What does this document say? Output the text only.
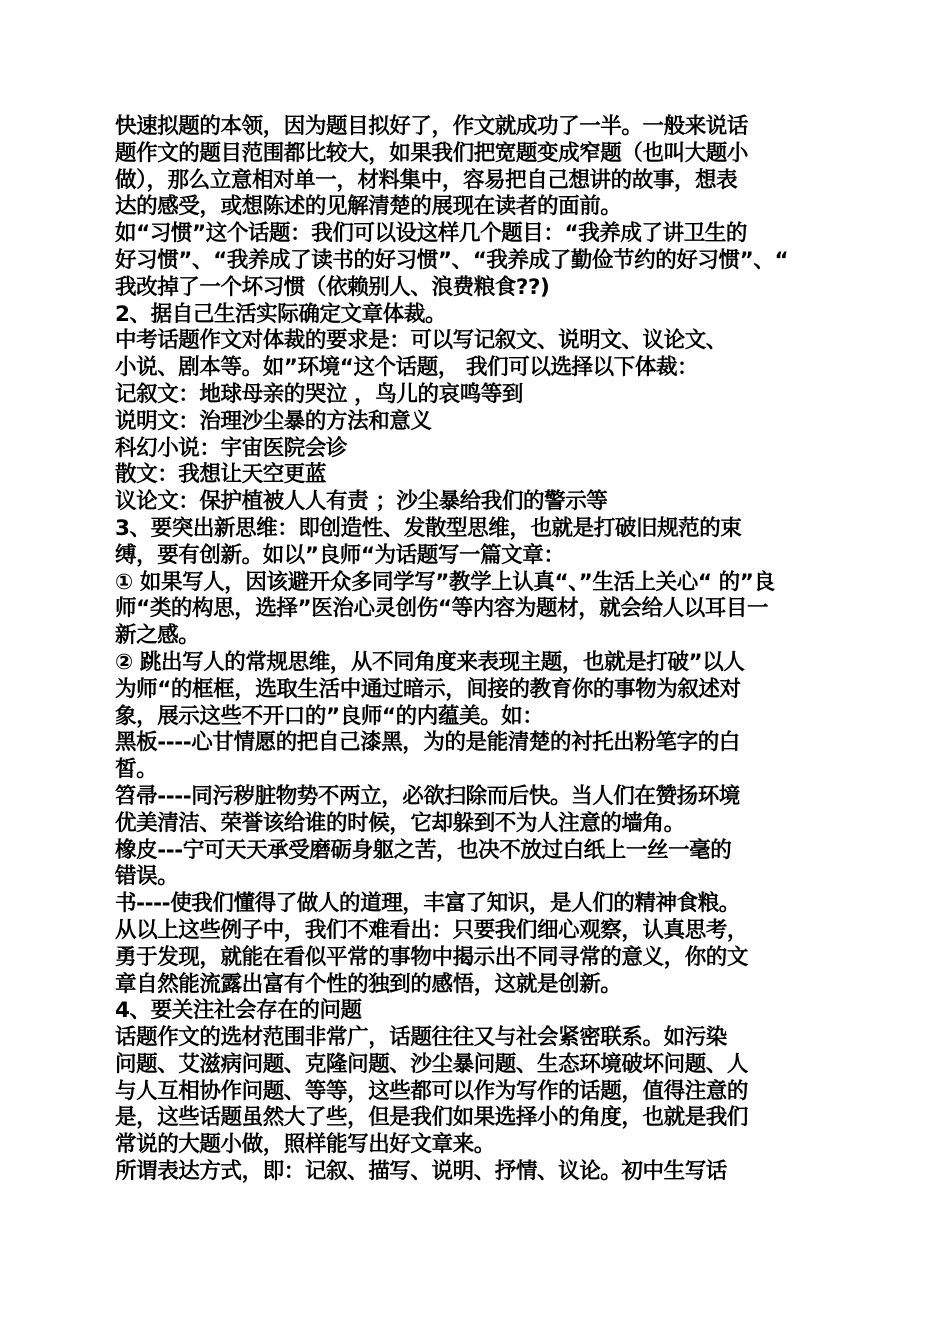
快速拟题的本领，因为题目拟好了，作文就成功了一半。一般来说话
题作文的题目范围都比较大，如果我们把宽题变成窄题（也叫大题小
做），那么立意相对单一，材料集中，容易把自己想讲的故事，想表
达的感受，或想陈述的见解清楚的展现在读者的面前。
如“习惯”这个话题：我们可以设这样几个题目：“我养成了讲卫生的
好习惯”、“我养成了读书的好习惯”、“我养成了勤俭节约的好习惯”、“
我改掉了一个坏习惯（依赖别人、浪费粮食??)
2、据自己生活实际确定文章体裁。
中考话题作文对体裁的要求是：可以写记叙文、说明文、议论文、
小说、剧本等。如”环境“这个话题， 我们可以选择以下体裁：
记叙文：地球母亲的哭泣 ，鸟儿的哀鸣等到
说明文：治理沙尘暴的方法和意义
科幻小说：宇宙医院会诊
散文：我想让天空更蓝
议论文：保护植被人人有责 ；沙尘暴给我们的警示等
3、要突出新思维：即创造性、发散型思维，也就是打破旧规范的束
缚，要有创新。如以”良师“为话题写一篇文章：
① 如果写人，因该避开众多同学写”教学上认真“、”生活上关心“ 的”良
师“类的构思，选择”医治心灵创伤“等内容为题材，就会给人以耳目一
新之感。
② 跳出写人的常规思维，从不同角度来表现主题，也就是打破”以人
为师“的框框，选取生活中通过暗示，间接的教育你的事物为叙述对
象，展示这些不开口的”良师“的内蕴美。如：
黑板----心甘情愿的把自己漆黑，为的是能清楚的衬托出粉笔字的白
皙。
笤帚----同污秽脏物势不两立，必欲扫除而后快。当人们在赞扬环境
优美清洁、荣誉该给谁的时候，它却躲到不为人注意的墙角。
橡皮---宁可天天承受磨砺身躯之苦，也决不放过白纸上一丝一毫的
错误。
书----使我们懂得了做人的道理，丰富了知识，是人们的精神食粮。
从以上这些例子中，我们不难看出：只要我们细心观察，认真思考，
勇于发现，就能在看似平常的事物中揭示出不同寻常的意义，你的文
章自然能流露出富有个性的独到的感悟，这就是创新。
4、要关注社会存在的问题
话题作文的选材范围非常广，话题往往又与社会紧密联系。如污染
问题、艾滋病问题、克隆问题、沙尘暴问题、生态环境破坏问题、人
与人互相协作问题、等等，这些都可以作为写作的话题，值得注意的
是，这些话题虽然大了些，但是我们如果选择小的角度，也就是我们
常说的大题小做，照样能写出好文章来。
所谓表达方式，即：记叙、描写、说明、抒情、议论。初中生写话
